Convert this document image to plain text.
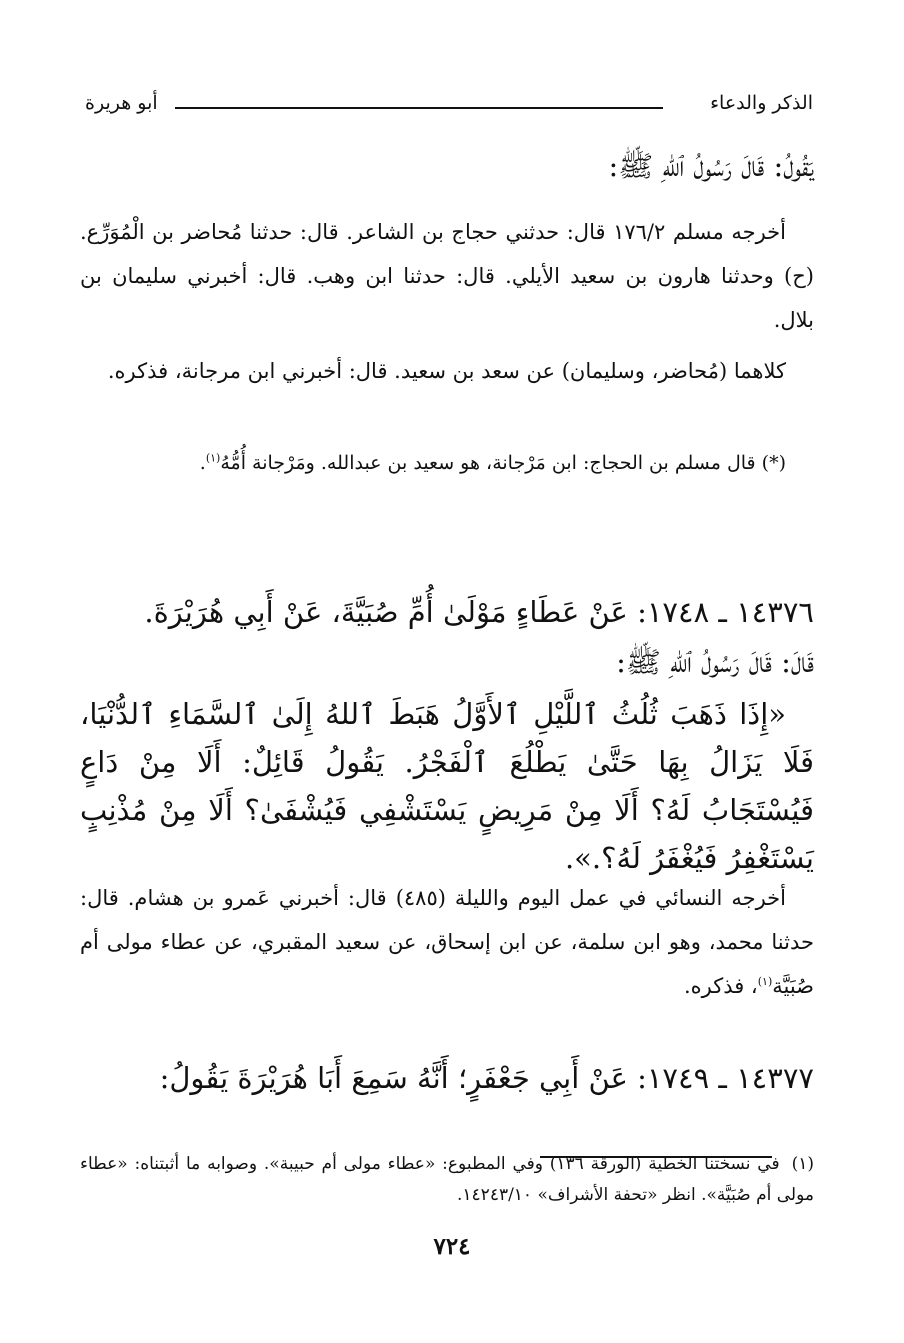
الذكر والدعاء
أبو هريرة
يَقُولُ: قَالَ رَسُولُ ٱللهِ ﷺ:
أخرجه مسلم ١٧٦/٢ قال: حدثني حجاج بن الشاعر. قال: حدثنا مُحاضر بن الْمُوَرِّع. (ح) وحدثنا هارون بن سعيد الأيلي. قال: حدثنا ابن وهب. قال: أخبرني سليمان بن بلال.
كلاهما (مُحاضر، وسليمان) عن سعد بن سعيد. قال: أخبرني ابن مرجانة، فذكره.
(*) قال مسلم بن الحجاج: ابن مَرْجانة، هو سعيد بن عبدالله. ومَرْجانة أُمُّهُ$^{(١)}$.
١٤٣٧٦ ـ ١٧٤٨: عَنْ عَطَاءٍ مَوْلَىٰ أُمِّ صُبَيَّةَ، عَنْ أَبِي هُرَيْرَةَ.
قَالَ: قَالَ رَسُولُ ٱللهِ ﷺ:
«إِذَا ذَهَبَ ثُلُثُ ٱللَّيْلِ ٱلأَوَّلُ هَبَطَ ٱللهُ إِلَىٰ ٱلسَّمَاءِ ٱلدُّنْيَا، فَلَا يَزَالُ بِهَا حَتَّىٰ يَطْلُعَ ٱلْفَجْرُ. يَقُولُ قَائِلٌ: أَلَا مِنْ دَاعٍ فَيُسْتَجَابُ لَهُ؟ أَلَا مِنْ مَرِيضٍ يَسْتَشْفِي فَيُشْفَىٰ؟ أَلَا مِنْ مُذْنِبٍ يَسْتَغْفِرُ فَيُغْفَرُ لَهُ؟.».
أخرجه النسائي في عمل اليوم والليلة (٤٨٥) قال: أخبرني عَمرو بن هشام. قال: حدثنا محمد، وهو ابن سلمة، عن ابن إسحاق، عن سعيد المقبري، عن عطاء مولى أم صُبَيَّة$^{(١)}$، فذكره.
١٤٣٧٧ ـ ١٧٤٩: عَنْ أَبِي جَعْفَرٍ؛ أَنَّهُ سَمِعَ أَبَا هُرَيْرَةَ يَقُولُ:
(١)في نسختنا الخطية (الورقة ١٣٦) وفي المطبوع: «عطاء مولى أم حبيبة». وصوابه ما أثبتناه: «عطاء مولى أم صُبَيَّة». انظر «تحفة الأشراف» ١٤٢٤٣/١٠.
٧٢٤
